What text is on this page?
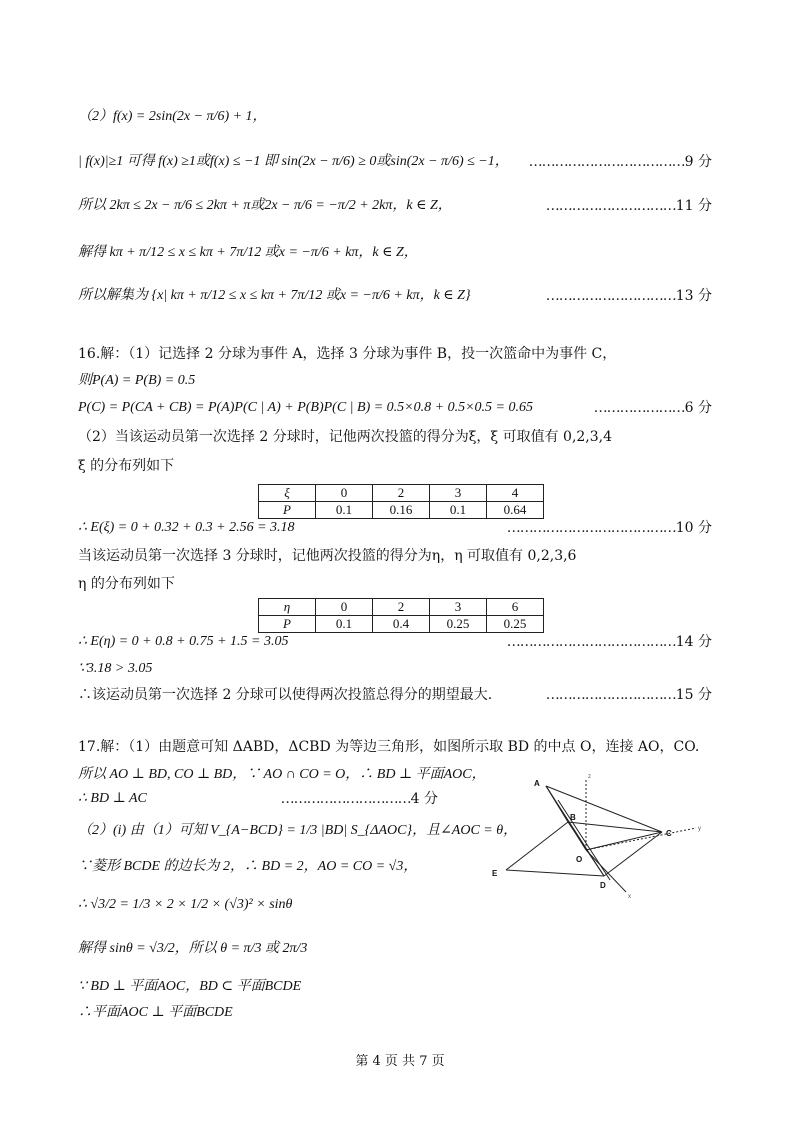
（2）f(x) = 2sin(2x − π/6) + 1，
| f(x)|≥1 可得 f(x) ≥1或f(x) ≤ −1 即 sin(2x − π/6) ≥ 0或sin(2x − π/6) ≤ −1， ………………………………9 分
所以 2kπ ≤ 2x − π/6 ≤ 2kπ + π或2x − π/6 = −π/2 + 2kπ，k ∈ Z，	…………………………11 分
解得 kπ + π/12 ≤ x ≤ kπ + 7π/12 或x = −π/6 + kπ，k ∈ Z，
所以解集为 {x| kπ + π/12 ≤ x ≤ kπ + 7π/12 或x = −π/6 + kπ，k ∈ Z}	…………………………13 分
16.解：（1）记选择 2 分球为事件 A，选择 3 分球为事件 B，投一次篮命中为事件 C，
则P(A) = P(B) = 0.5
P(C) = P(CA + CB) = P(A)P(C | A) + P(B)P(C | B) = 0.5×0.8 + 0.5×0.5 = 0.65	…………………6 分
（2）当该运动员第一次选择 2 分球时，记他两次投篮的得分为ξ，ξ 可取值有 0,2,3,4
ξ 的分布列如下
ξ	0	2	3	4
P	0.1	0.16	0.1	0.64
∴ E(ξ) = 0 + 0.32 + 0.3 + 2.56 = 3.18	…………………………………10 分
当该运动员第一次选择 3 分球时，记他两次投篮的得分为η，η 可取值有 0,2,3,6
η 的分布列如下
η	0	2	3	6
P	0.1	0.4	0.25	0.25
∴ E(η) = 0 + 0.8 + 0.75 + 1.5 = 3.05	…………………………………14 分
∵3.18 > 3.05
∴该运动员第一次选择 2 分球可以使得两次投篮总得分的期望最大.	…………………………15 分
17.解：（1）由题意可知 ΔABD，ΔCBD 为等边三角形，如图所示取 BD 的中点 O，连接 AO，CO.
所以 AO ⊥ BD, CO ⊥ BD，∵ AO ∩ CO = O，∴ BD ⊥ 平面AOC，
∴ BD ⊥ AC	…………………………4 分
（2）(i) 由（1）可知 V_{A−BCD} = 1/3 |BD| S_{ΔAOC}，且∠AOC = θ，
∵菱形 BCDE 的边长为 2，∴ BD = 2，AO = CO = √3，
∴ √3/2 = 1/3 × 2 × 1/2 × (√3)² × sinθ
解得 sinθ = √3/2，所以 θ = π/3 或 2π/3
∵ BD ⊥ 平面AOC，BD ⊂ 平面BCDE
∴平面AOC ⊥ 平面BCDE
A
B
C
D
E
O
z
y
x
第 4 页 共 7 页
